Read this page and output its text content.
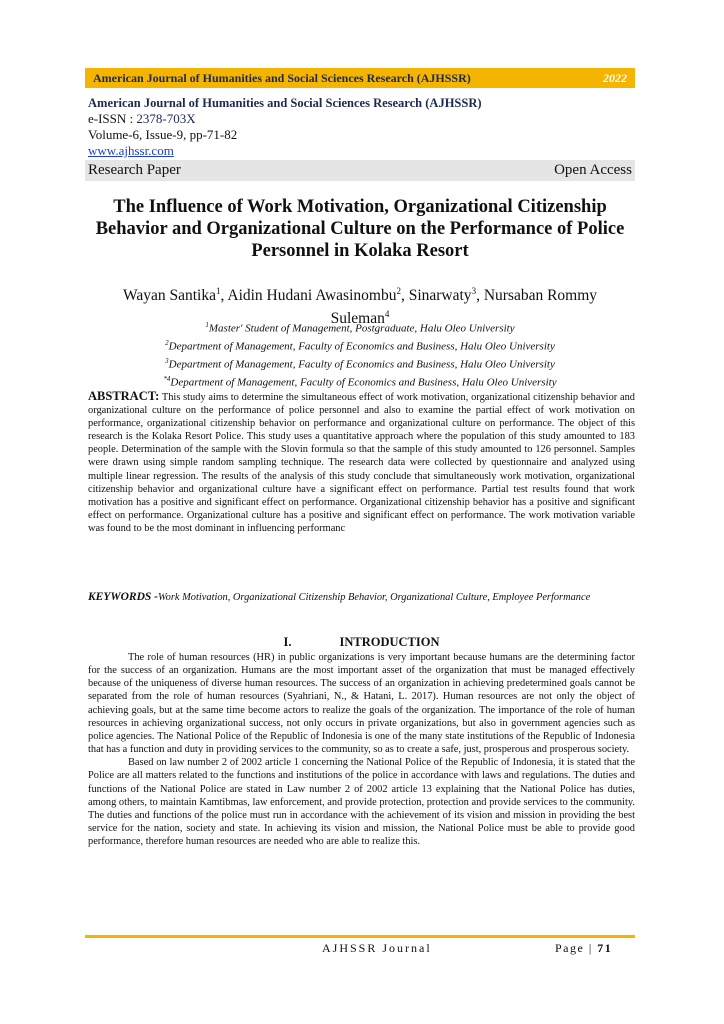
American Journal of Humanities and Social Sciences Research (AJHSSR)	2022
American Journal of Humanities and Social Sciences Research (AJHSSR)
e-ISSN : 2378-703X
Volume-6, Issue-9, pp-71-82
www.ajhssr.com
Research Paper	Open Access
The Influence of Work Motivation, Organizational Citizenship Behavior and Organizational Culture on the Performance of Police Personnel in Kolaka Resort
Wayan Santika$^1$, Aidin Hudani Awasinombu$^2$, Sinarwaty$^3$, Nursaban Rommy Suleman$^4$
$^1$Master' Student of Management, Postgraduate, Halu Oleo University
$^2$Department of Management, Faculty of Economics and Business, Halu Oleo University
$^3$Department of Management, Faculty of Economics and Business, Halu Oleo University
$^{*4}$Department of Management, Faculty of Economics and Business, Halu Oleo University
ABSTRACT: This study aims to determine the simultaneous effect of work motivation, organizational citizenship behavior and organizational culture on the performance of police personnel and also to examine the partial effect of work motivation on performance, organizational citizenship behavior on performance and organizational culture on performance. The object of this research is the Kolaka Resort Police. This study uses a quantitative approach where the population of this study amounted to 183 people. Determination of the sample with the Slovin formula so that the sample of this study amounted to 126 personnel. Samples were drawn using simple random sampling technique. The research data were collected by questionnaire and analyzed using multiple linear regression. The results of the analysis of this study conclude that simultaneously work motivation, organizational citizenship behavior and organizational culture have a significant effect on performance. Partial test results found that work motivation has a positive and significant effect on performance. Organizational citizenship behavior has a positive and significant effect on performance. Organizational culture has a positive and significant effect on performance. The work motivation variable was found to be the most dominant in influencing performanc
KEYWORDS -Work Motivation, Organizational Citizenship Behavior, Organizational Culture, Employee Performance
I.	INTRODUCTION

The role of human resources (HR) in public organizations is very important because humans are the determining factor for the success of an organization. Humans are the most important asset of the organization that must be managed effectively because of the uniqueness of diverse human resources. The success of an organization in achieving predetermined goals cannot be separated from the role of human resources (Syahriani, N., & Hatani, L. 2017). Human resources are not only the object of achieving goals, but at the same time become actors to realize the goals of the organization. The importance of the role of human resources in achieving organizational success, not only occurs in private organizations, but also in government agencies such as police agencies. The National Police of the Republic of Indonesia is one of the many state institutions of the Republic of Indonesia that has a function and duty in providing services to the community, so as to create a safe, just, prosperous and prosperous society.

Based on law number 2 of 2002 article 1 concerning the National Police of the Republic of Indonesia, it is stated that the Police are all matters related to the functions and institutions of the police in accordance with laws and regulations. The duties and functions of the National Police are stated in Law number 2 of 2002 article 13 explaining that the National Police has duties, among others, to maintain Kamtibmas, law enforcement, and provide protection, protection and provide services to the community. The duties and functions of the police must run in accordance with the achievement of its vision and mission in providing the best service for the nation, society and state. In achieving its vision and mission, the National Police must be able to provide good performance, therefore human resources are needed who are able to realize this.

AJHSSR Journal	Page | 71
